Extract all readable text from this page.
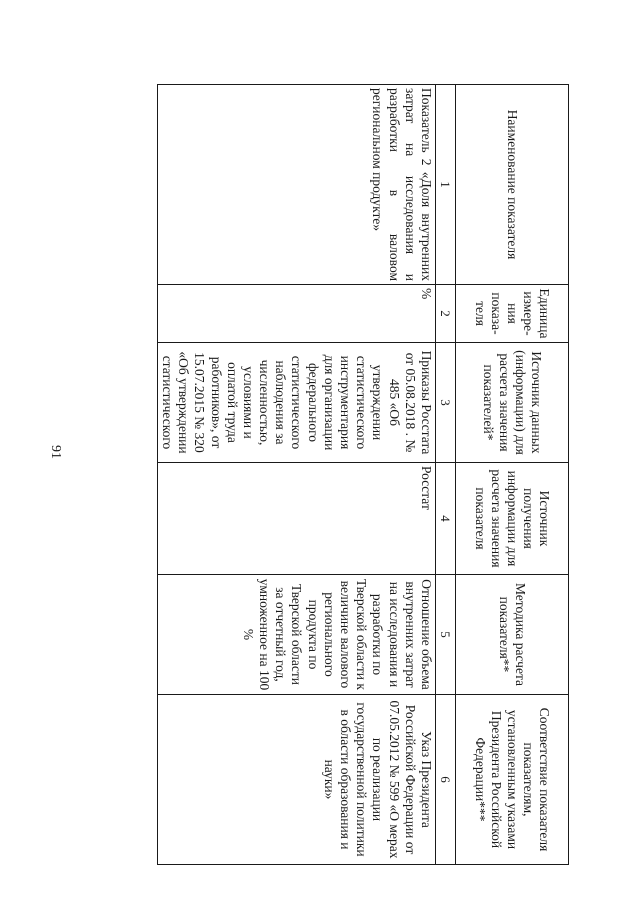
91
Наименование показателя	Единица измерения показателя	Источник данных (информации) для расчета значения показателей*	Источник получения информации для расчета значения показателя	Методика расчета показателя**	Соответствие показателя показателям, установленным указами Президента Российской Федерации***
1	2	3	4	5	6
Показатель 2 «Доля внутренних затрат на исследования и разработки в валовом региональном продукте»	%	Приказы Росстата от 05.08.2018 . № 485 «Об утверждении статистического инструментария для организации федерального статистического наблюдения за численностью, условиями и оплатой труда работников», от 15.07.2015 № 320 «Об утверждении статистического	Росстат	Отношение объема внутренних затрат на исследования и разработки по Тверской области к величине валового регионального продукта по Тверской области за отчетный год, умноженное на 100 %	Указ Президента Российской Федерации от 07.05.2012 № 599 «О мерах по реализации государственной политики в области образования и науки»
